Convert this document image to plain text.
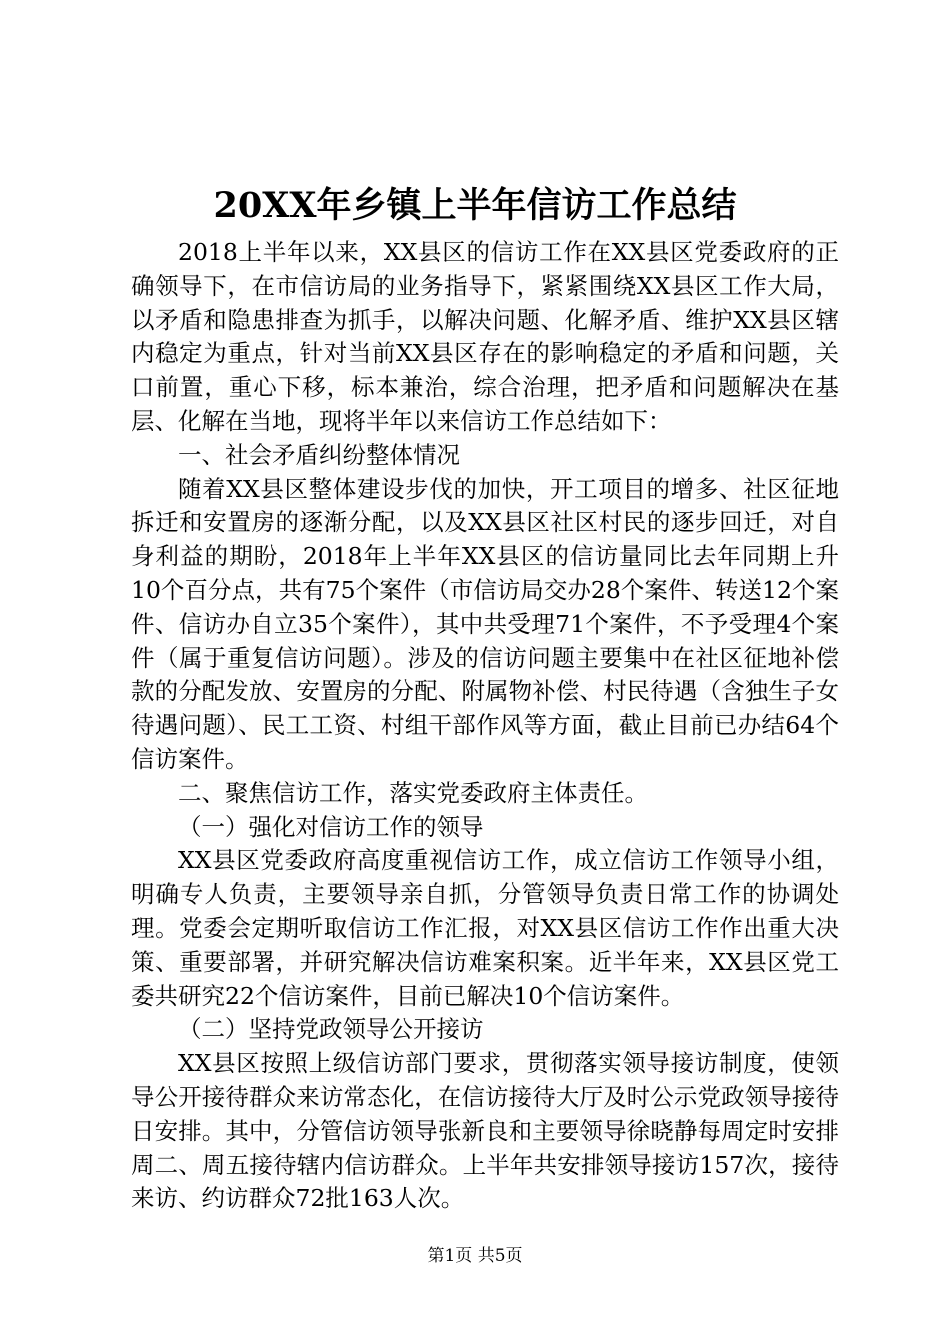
20XX年乡镇上半年信访工作总结

2018上半年以来，XX县区的信访工作在XX县区党委政府的正确领导下，在市信访局的业务指导下，紧紧围绕XX县区工作大局，以矛盾和隐患排查为抓手，以解决问题、化解矛盾、维护XX县区辖内稳定为重点，针对当前XX县区存在的影响稳定的矛盾和问题，关口前置，重心下移，标本兼治，综合治理，把矛盾和问题解决在基层、化解在当地，现将半年以来信访工作总结如下：

一、社会矛盾纠纷整体情况

随着XX县区整体建设步伐的加快，开工项目的增多、社区征地拆迁和安置房的逐渐分配，以及XX县区社区村民的逐步回迁，对自身利益的期盼，2018年上半年XX县区的信访量同比去年同期上升10个百分点，共有75个案件（市信访局交办28个案件、转送12个案件、信访办自立35个案件），其中共受理71个案件，不予受理4个案件（属于重复信访问题）。涉及的信访问题主要集中在社区征地补偿款的分配发放、安置房的分配、附属物补偿、村民待遇（含独生子女待遇问题）、民工工资、村组干部作风等方面，截止目前已办结64个信访案件。

二、聚焦信访工作，落实党委政府主体责任。

（一）强化对信访工作的领导

XX县区党委政府高度重视信访工作，成立信访工作领导小组，明确专人负责，主要领导亲自抓，分管领导负责日常工作的协调处理。党委会定期听取信访工作汇报，对XX县区信访工作作出重大决策、重要部署，并研究解决信访难案积案。近半年来，XX县区党工委共研究22个信访案件，目前已解决10个信访案件。

（二）坚持党政领导公开接访

XX县区按照上级信访部门要求，贯彻落实领导接访制度，使领导公开接待群众来访常态化，在信访接待大厅及时公示党政领导接待日安排。其中，分管信访领导张新良和主要领导徐晓静每周定时安排周二、周五接待辖内信访群众。上半年共安排领导接访157次，接待来访、约访群众72批163人次。

第1页 共5页
